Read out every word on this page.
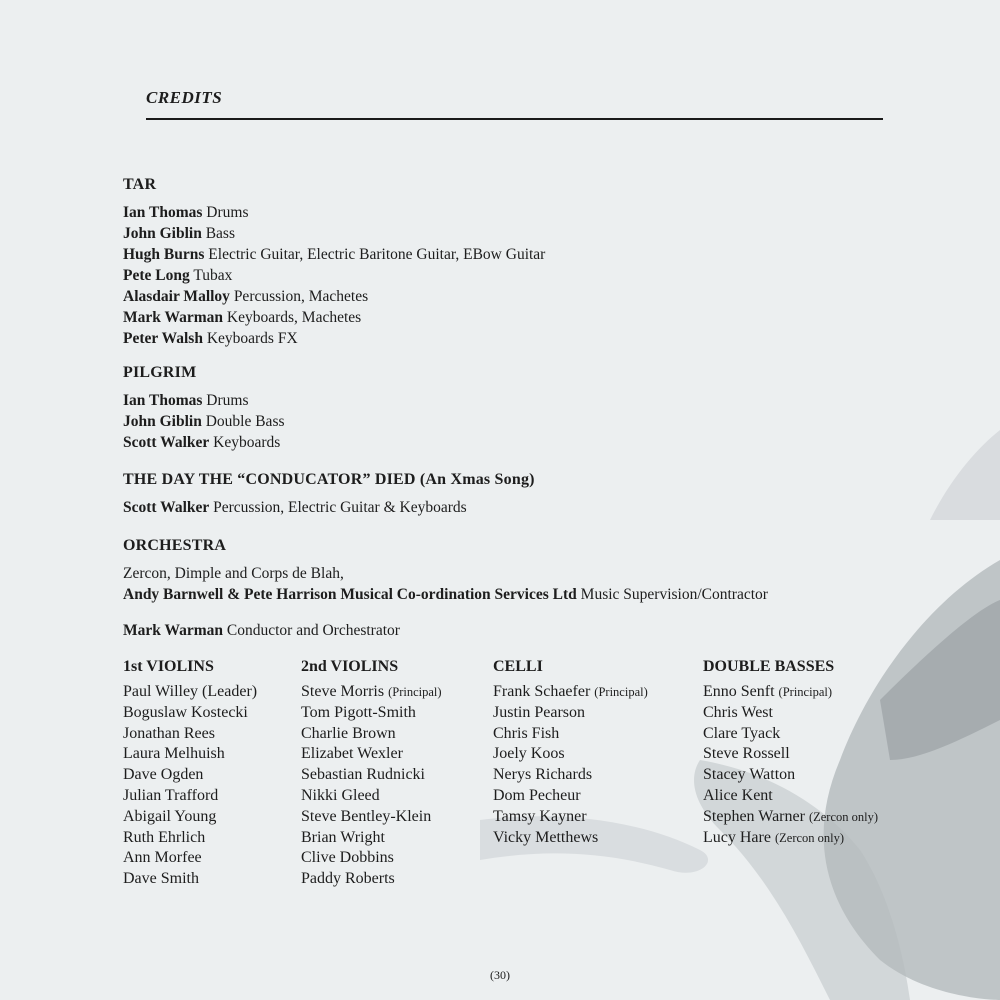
CREDITS
TAR
Ian Thomas Drums
John Giblin Bass
Hugh Burns Electric Guitar, Electric Baritone Guitar, EBow Guitar
Pete Long Tubax
Alasdair Malloy Percussion, Machetes
Mark Warman Keyboards, Machetes
Peter Walsh Keyboards FX
PILGRIM
Ian Thomas Drums
John Giblin Double Bass
Scott Walker Keyboards
THE DAY THE “CONDUCATOR” DIED (An Xmas Song)
Scott Walker Percussion, Electric Guitar & Keyboards
ORCHESTRA
Zercon, Dimple and Corps de Blah,
Andy Barnwell & Pete Harrison Musical Co-ordination Services Ltd Music Supervision/Contractor
Mark Warman Conductor and Orchestrator
1st VIOLINS
Paul Willey (Leader)
Boguslaw Kostecki
Jonathan Rees
Laura Melhuish
Dave Ogden
Julian Trafford
Abigail Young
Ruth Ehrlich
Ann Morfee
Dave Smith
2nd VIOLINS
Steve Morris (Principal)
Tom Pigott-Smith
Charlie Brown
Elizabet Wexler
Sebastian Rudnicki
Nikki Gleed
Steve Bentley-Klein
Brian Wright
Clive Dobbins
Paddy Roberts
CELLI
Frank Schaefer (Principal)
Justin Pearson
Chris Fish
Joely Koos
Nerys Richards
Dom Pecheur
Tamsy Kayner
Vicky Metthews
DOUBLE BASSES
Enno Senft (Principal)
Chris West
Clare Tyack
Steve Rossell
Stacey Watton
Alice Kent
Stephen Warner (Zercon only)
Lucy Hare (Zercon only)
(30)
